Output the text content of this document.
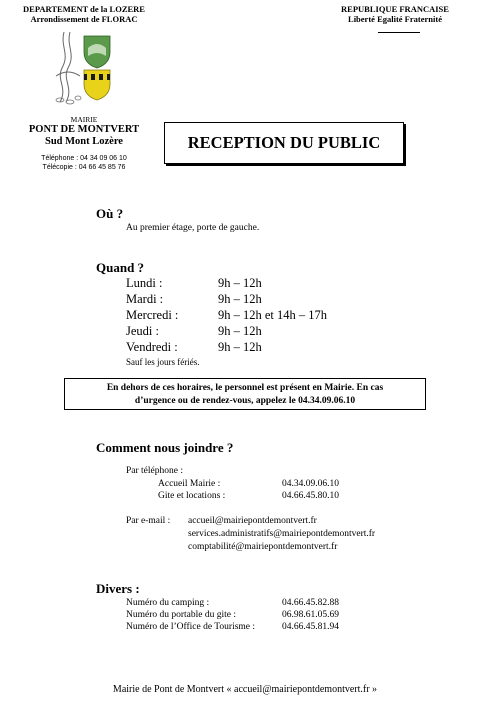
DEPARTEMENT de la LOZERE
Arrondissement de FLORAC
REPUBLIQUE FRANCAISE
Liberté Egalité Fraternité
MAIRIE
PONT DE MONTVERT
Sud Mont Lozère
Téléphone : 04 34 09 06 10
Télécopie : 04 66 45 85 76
RECEPTION DU PUBLIC
Où ?
Au premier étage, porte de gauche.
Quand ?
Lundi :	9h – 12h
Mardi :	9h – 12h
Mercredi :	9h – 12h et 14h – 17h
Jeudi :	9h – 12h
Vendredi :	9h – 12h
Sauf les jours fériés.
En dehors de ces horaires, le personnel est présent en Mairie. En cas
d’urgence ou de rendez-vous, appelez le 04.34.09.06.10
Comment nous joindre ?
Par téléphone :
Accueil Mairie :	04.34.09.06.10
Gite et locations :	04.66.45.80.10
Par e-mail : accueil@mairiepontdemontvert.fr
services.administratifs@mairiepontdemontvert.fr
comptabilité@mairiepontdemontvert.fr
Divers :
Numéro du camping :	04.66.45.82.88
Numéro du portable du gite :	06.98.61.05.69
Numéro de l’Office de Tourisme :	04.66.45.81.94
Mairie de Pont de Montvert « accueil@mairiepontdemontvert.fr »
